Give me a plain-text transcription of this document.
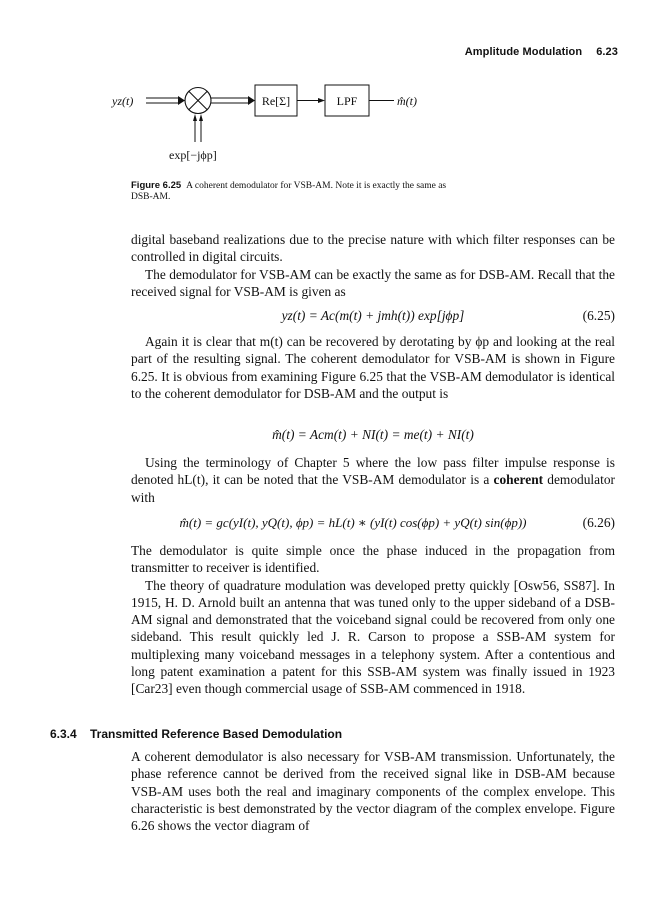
Amplitude Modulation 6.23
yz(t)	Re[Σ]	LPF	m̂(t)
exp[−jϕp]
Figure 6.25 A coherent demodulator for VSB-AM. Note it is exactly the same as DSB-AM.

digital baseband realizations due to the precise nature with which filter responses can be controlled in digital circuits.

The demodulator for VSB-AM can be exactly the same as for DSB-AM. Recall that the received signal for VSB-AM is given as

yz(t) = Ac(m(t) + jmh(t)) exp[jϕp]	(6.25)

Again it is clear that m(t) can be recovered by derotating by ϕp and looking at the real part of the resulting signal. The coherent demodulator for VSB-AM is shown in Figure 6.25. It is obvious from examining Figure 6.25 that the VSB-AM demodulator is identical to the coherent demodulator for DSB-AM and the output is

m̂(t) = Acm(t) + NI(t) = me(t) + NI(t)

Using the terminology of Chapter 5 where the low pass filter impulse response is denoted hL(t), it can be noted that the VSB-AM demodulator is a coherent demodulator with

m̂(t) = gc(yI(t), yQ(t), ϕp) = hL(t) ∗ (yI(t) cos(ϕp) + yQ(t) sin(ϕp))	(6.26)

The demodulator is quite simple once the phase induced in the propagation from transmitter to receiver is identified.

The theory of quadrature modulation was developed pretty quickly [Osw56, SS87]. In 1915, H. D. Arnold built an antenna that was tuned only to the upper sideband of a DSB-AM signal and demonstrated that the voiceband signal could be recovered from only one sideband. This result quickly led J. R. Carson to propose a SSB-AM system for multiplexing many voiceband messages in a telephony system. After a contentious and long patent examination a patent for this SSB-AM system was finally issued in 1923 [Car23] even though commercial usage of SSB-AM commenced in 1918.

6.3.4 Transmitted Reference Based Demodulation

A coherent demodulator is also necessary for VSB-AM transmission. Unfortunately, the phase reference cannot be derived from the received signal like in DSB-AM because VSB-AM uses both the real and imaginary components of the complex envelope. This characteristic is best demonstrated by the vector diagram of the complex envelope. Figure 6.26 shows the vector diagram of
